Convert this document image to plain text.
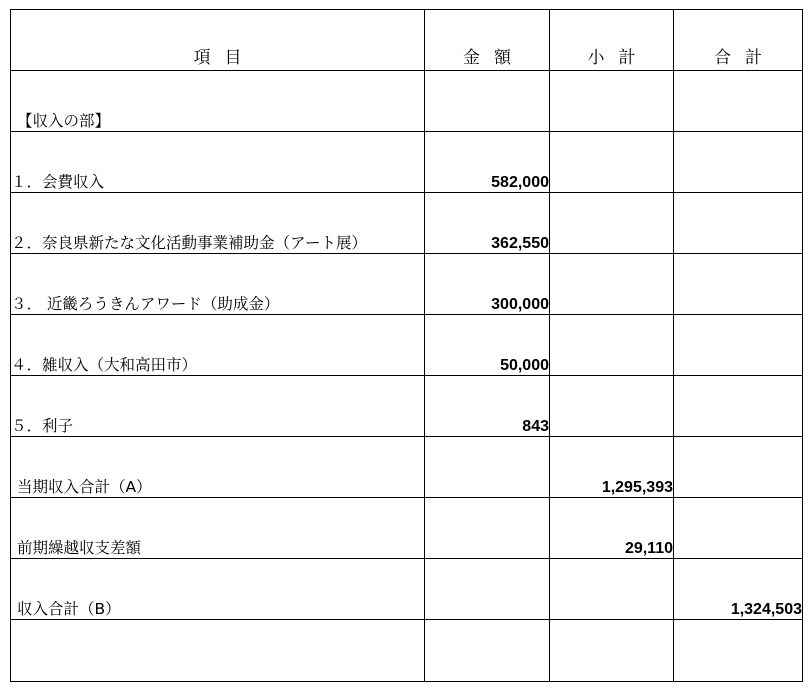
項目	金額	小計	合計
【収入の部】			
１．会費収入	582,000		
２．奈良県新たな文化活動事業補助金（アート展）	362,550		
３． 近畿ろうきんアワード（助成金）	300,000		
４．雑収入（大和高田市）	50,000		
５．利子	843		
当期収入合計（A）		1,295,393	
前期繰越収支差額		29,110	
収入合計（B）			1,324,503
